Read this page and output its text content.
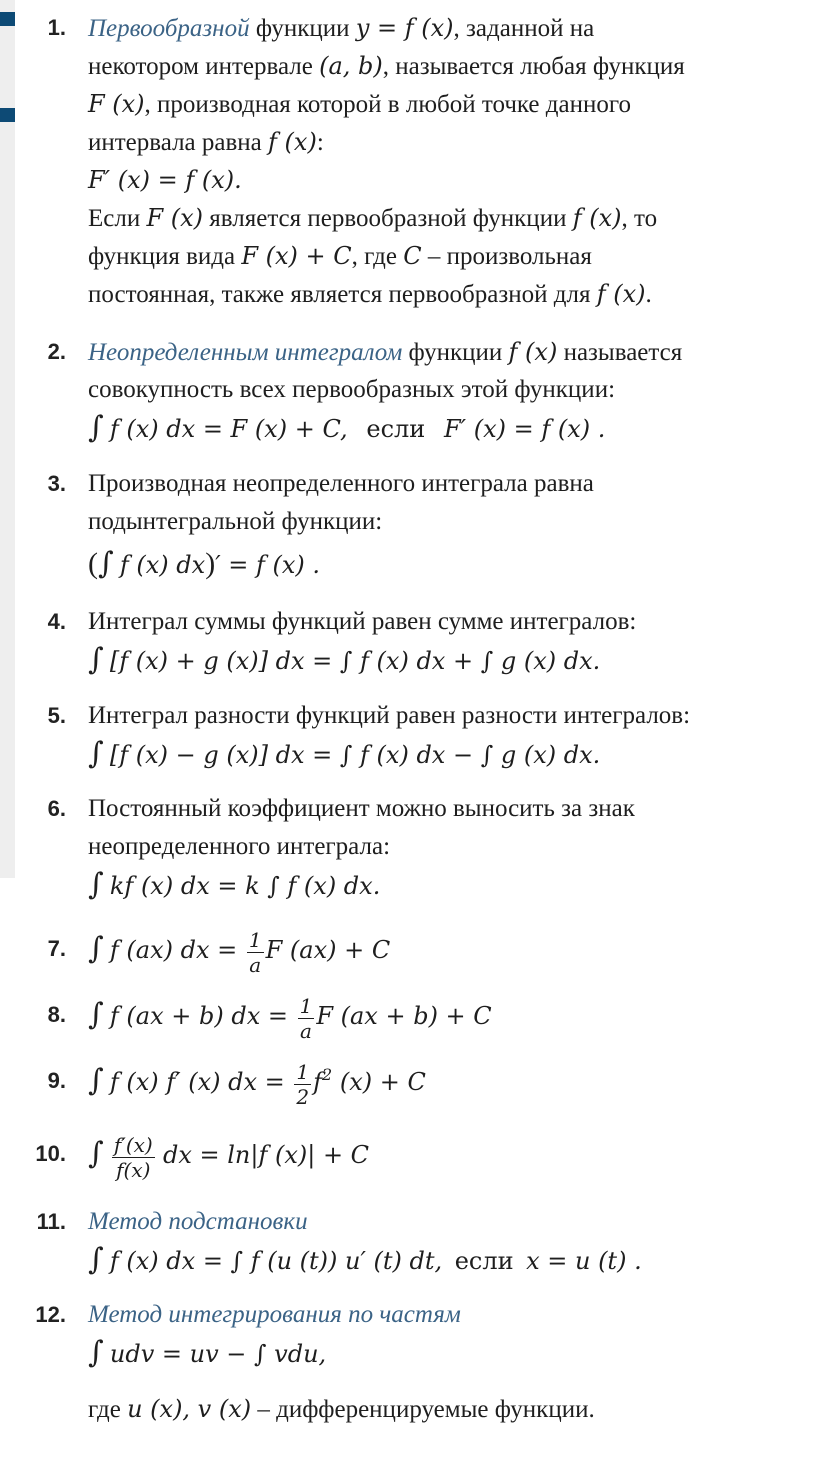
1. Первообразной функции y = f (x), заданной на
некотором интервале (a, b), называется любая функция
F (x), производная которой в любой точке данного
интервала равна f (x):
F′ (x) = f (x).
Если F (x) является первообразной функции f (x), то
функция вида F (x) + C, где C – произвольная
постоянная, также является первообразной для f (x).
2. Неопределенным интегралом функции f (x) называется
совокупность всех первообразных этой функции:
∫ f (x) dx = F (x) + C, если F′ (x) = f (x) .
3. Производная неопределенного интеграла равна
подынтегральной функции:
(∫ f (x) dx)′ = f (x) .
4. Интеграл суммы функций равен сумме интегралов:
∫ [f (x) + g (x)] dx = ∫ f (x) dx + ∫ g (x) dx.
5. Интеграл разности функций равен разности интегралов:
∫ [f (x) − g (x)] dx = ∫ f (x) dx − ∫ g (x) dx.
6. Постоянный коэффициент можно выносить за знак
неопределенного интеграла:
∫ kf (x) dx = k ∫ f (x) dx.
7. ∫ f (ax) dx = $\frac{1}{a}$ F (ax) + C
8. ∫ f (ax + b) dx = $\frac{1}{a}$ F (ax + b) + C
9. ∫ f (x) f′ (x) dx = $\frac{1}{2} f^2$ (x) + C
10. ∫ $\frac{f'(x)}{f(x)}$ dx = ln|f (x)| + C
11. Метод подстановки
∫ f (x) dx = ∫ f (u (t)) u′ (t) dt, если x = u (t) .
12. Метод интегрирования по частям
∫ udv = uv − ∫ vdu,
где u (x), v (x) – дифференцируемые функции.
